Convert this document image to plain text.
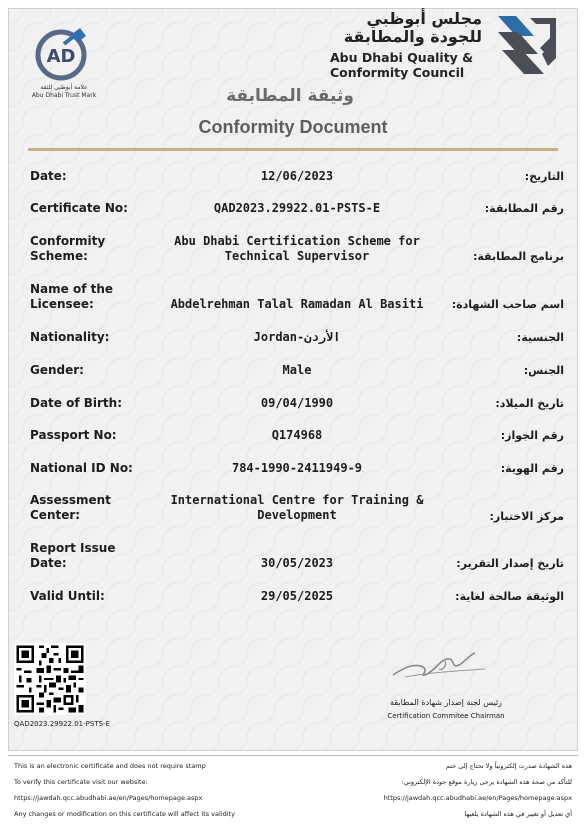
AD
علامة أبوظبي للثقة
Abu Dhabi Trust Mark
مجلس أبوظبي
للجودة والمطابقة
Abu Dhabi Quality &
Conformity Council
وثيقة المطابقة
Conformity Document
Date:	12/06/2023	التاريخ:
Certificate No:	QAD2023.29922.01-PSTS-E	رقم المطابقة:
Conformity Scheme:
Abu Dhabi Certification Scheme for Technical Supervisor	برنامج المطابقة:
Name of the Licensee:	Abdelrehman Talal Ramadan Al Basiti	اسم صاحب الشهادة:
Nationality:	Jordan-الأردن	الجنسية:
Gender:	Male	الجنس:
Date of Birth:	09/04/1990	تاريخ الميلاد:
Passport No:	Q174968	رقم الجواز:
National ID No:	784-1990-2411949-9	رقم الهوية:
Assessment Center:
International Centre for Training & Development	مركز الاختبار:
Report Issue Date:	30/05/2023	تاريخ إصدار التقرير:
Valid Until:	29/05/2025	الوثيقة صالحة لغاية:
QAD2023.29922.01-PSTS-E
رئيس لجنة إصدار شهادة المطابقة
Certification Commitee Chairman
This is an electronic certificate and does not require stamp
To verify this certificate visit our website:
https://jawdah.qcc.abudhabi.ae/en/Pages/homepage.aspx
Any changes or modification on this certificate will affect its validity
هذه الشهادة صدرت إلكترونياً ولا تحتاج إلى ختم
للتأكد من صحة هذه الشهادة يرجى زيارة موقع جودة الإلكتروني:
https://jawdah.qcc.abudhabi.ae/en/Pages/homepage.aspx
أي تعديل أو تغيير في هذه الشهادة يلغيها
